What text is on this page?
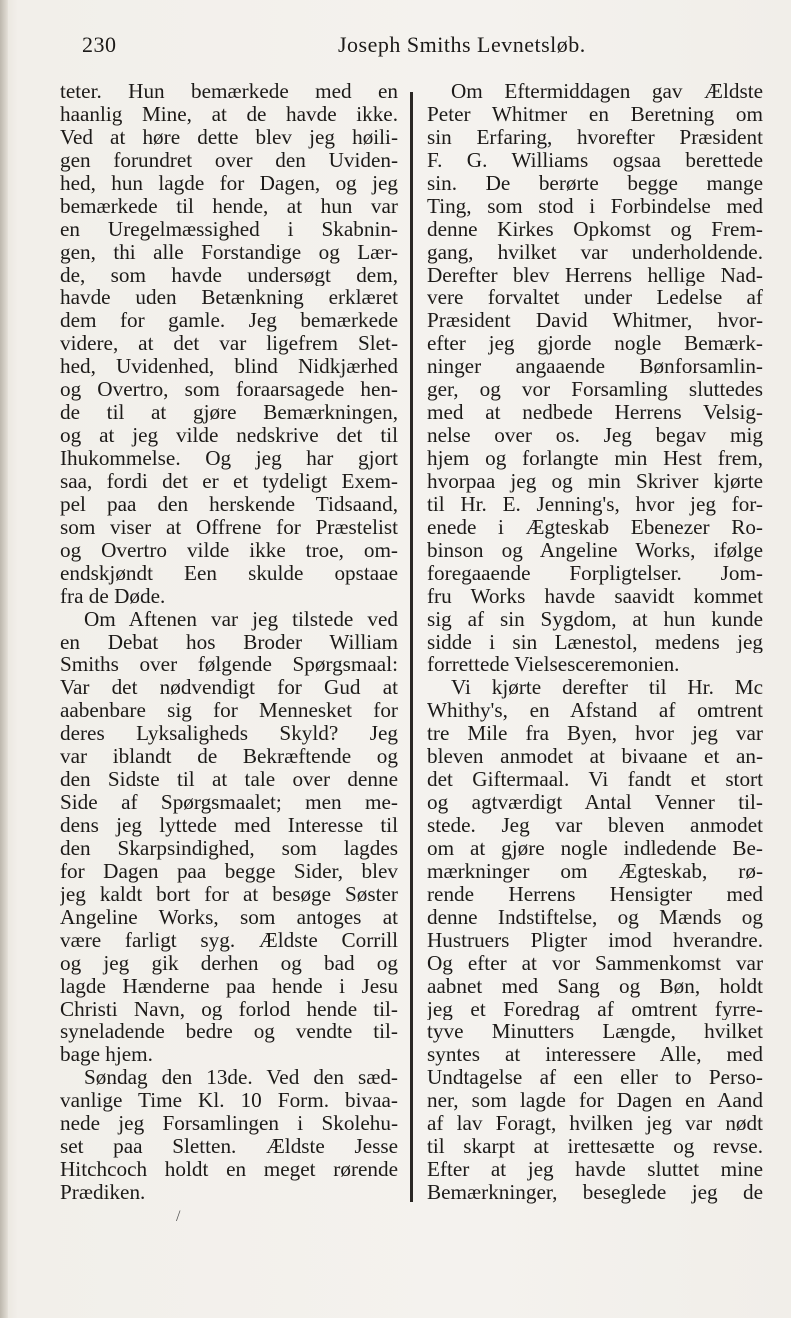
230	Joseph Smiths Levnetsløb.
teter. Hun bemærkede med en
haanlig Mine, at de havde ikke.
Ved at høre dette blev jeg høili-
gen forundret over den Uviden-
hed, hun lagde for Dagen, og jeg
bemærkede til hende, at hun var
en Uregelmæssighed i Skabnin-
gen, thi alle Forstandige og Lær-
de, som havde undersøgt dem,
havde uden Betænkning erklæret
dem for gamle. Jeg bemærkede
videre, at det var ligefrem Slet-
hed, Uvidenhed, blind Nidkjærhed
og Overtro, som foraarsagede hen-
de til at gjøre Bemærkningen,
og at jeg vilde nedskrive det til
Ihukommelse. Og jeg har gjort
saa, fordi det er et tydeligt Exem-
pel paa den herskende Tidsaand,
som viser at Offrene for Præstelist
og Overtro vilde ikke troe, om-
endskjøndt Een skulde opstaae
fra de Døde.
Om Aftenen var jeg tilstede ved
en Debat hos Broder William
Smiths over følgende Spørgsmaal:
Var det nødvendigt for Gud at
aabenbare sig for Mennesket for
deres Lyksaligheds Skyld? Jeg
var iblandt de Bekræftende og
den Sidste til at tale over denne
Side af Spørgsmaalet; men me-
dens jeg lyttede med Interesse til
den Skarpsindighed, som lagdes
for Dagen paa begge Sider, blev
jeg kaldt bort for at besøge Søster
Angeline Works, som antoges at
være farligt syg. Ældste Corrill
og jeg gik derhen og bad og
lagde Hænderne paa hende i Jesu
Christi Navn, og forlod hende til-
syneladende bedre og vendte til-
bage hjem.
Søndag den 13de. Ved den sæd-
vanlige Time Kl. 10 Form. bivaa-
nede jeg Forsamlingen i Skolehu-
set paa Sletten. Ældste Jesse
Hitchcoch holdt en meget rørende
Prædiken.
Om Eftermiddagen gav Ældste
Peter Whitmer en Beretning om
sin Erfaring, hvorefter Præsident
F. G. Williams ogsaa berettede
sin. De berørte begge mange
Ting, som stod i Forbindelse med
denne Kirkes Opkomst og Frem-
gang, hvilket var underholdende.
Derefter blev Herrens hellige Nad-
vere forvaltet under Ledelse af
Præsident David Whitmer, hvor-
efter jeg gjorde nogle Bemærk-
ninger angaaende Bønforsamlin-
ger, og vor Forsamling sluttedes
med at nedbede Herrens Velsig-
nelse over os. Jeg begav mig
hjem og forlangte min Hest frem,
hvorpaa jeg og min Skriver kjørte
til Hr. E. Jenning's, hvor jeg for-
enede i Ægteskab Ebenezer Ro-
binson og Angeline Works, ifølge
foregaaende Forpligtelser. Jom-
fru Works havde saavidt kommet
sig af sin Sygdom, at hun kunde
sidde i sin Lænestol, medens jeg
forrettede Vielsesceremonien.
Vi kjørte derefter til Hr. Mc
Whithy's, en Afstand af omtrent
tre Mile fra Byen, hvor jeg var
bleven anmodet at bivaane et an-
det Giftermaal. Vi fandt et stort
og agtværdigt Antal Venner til-
stede. Jeg var bleven anmodet
om at gjøre nogle indledende Be-
mærkninger om Ægteskab, rø-
rende Herrens Hensigter med
denne Indstiftelse, og Mænds og
Hustruers Pligter imod hverandre.
Og efter at vor Sammenkomst var
aabnet med Sang og Bøn, holdt
jeg et Foredrag af omtrent fyrre-
tyve Minutters Længde, hvilket
syntes at interessere Alle, med
Undtagelse af een eller to Perso-
ner, som lagde for Dagen en Aand
af lav Foragt, hvilken jeg var nødt
til skarpt at irettesætte og revse.
Efter at jeg havde sluttet mine
Bemærkninger, beseglede jeg de
/
